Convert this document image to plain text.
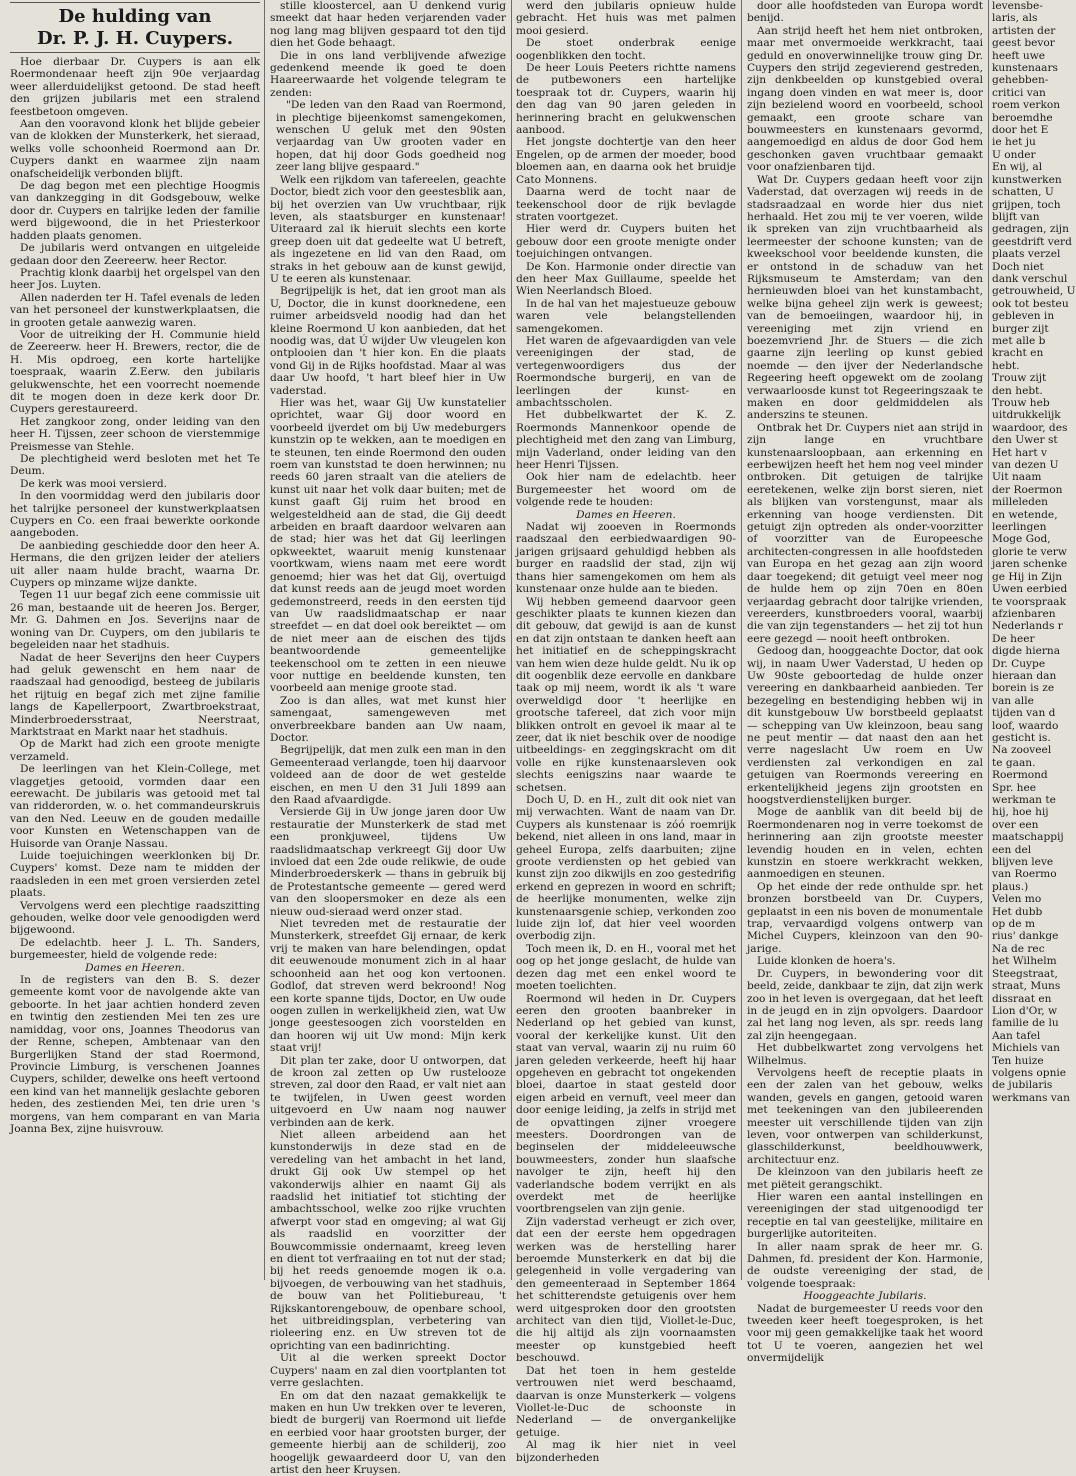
De hulding van

Dr. P. J. H. Cuypers.

Hoe dierbaar Dr. Cuypers is aan elk Roermondenaar heeft zijn 90e verjaardag weer allerduidelijkst getoond. De stad heeft den grijzen jubilaris met een stralend feestbetoon omgeven.

Aan den vooravond klonk het blijde gebeier van de klokken der Munsterkerk, het sieraad, welks volle schoonheid Roermond aan Dr. Cuypers dankt en waarmee zijn naam onafscheidelijk verbonden blijft.

De dag begon met een plechtige Hoogmis van dankzegging in dit Godsgebouw, welke door dr. Cuypers en talrijke leden der familie werd bijgewoond, die in het Priesterkoor hadden plaats genomen.

De jubilaris werd ontvangen en uitgeleide gedaan door den Zeereerw. heer Rector.

Prachtig klonk daarbij het orgelspel van den heer Jos. Luyten.

Allen naderden ter H. Tafel evenals de leden van het personeel der kunstwerkplaatsen, die in grooten getale aanwezig waren.

Voor de uitreiking der H. Communie hield de Zeereerw. heer H. Brewers, rector, die de H. Mis opdroeg, een korte hartelijke toespraak, waarin Z.Eerw. den jubilaris gelukwenschte, het een voorrecht noemende dit te mogen doen in deze kerk door Dr. Cuypers gerestaureerd.

Het zangkoor zong, onder leiding van den heer H. Tijssen, zeer schoon de vierstemmige Preismesse van Stehle.

De plechtigheid werd besloten met het Te Deum.

De kerk was mooi versierd.

In den voormiddag werd den jubilaris door het talrijke personeel der kunstwerkplaatsen Cuypers en Co. een fraai bewerkte oorkonde aangeboden.

De aanbieding geschiedde door den heer A. Hermans, die den grijzen leider der ateliers uit aller naam hulde bracht, waarna Dr. Cuypers op minzame wijze dankte.

Tegen 11 uur begaf zich eene commissie uit 26 man, bestaande uit de heeren Jos. Berger, Mr. G. Dahmen en Jos. Severijns naar de woning van Dr. Cuypers, om den jubilaris te begeleiden naar het stadhuis.

Nadat de heer Severijns den heer Cuypers had geluk gewenscht en hem naar de raadszaal had genoodigd, besteeg de jubilaris het rijtuig en begaf zich met zijne familie langs de Kapellerpoort, Zwartbroekstraat, Minderbroedersstraat, Neerstraat, Marktstraat en Markt naar het stadhuis.

Op de Markt had zich een groote menigte verzameld.

De leerlingen van het Klein-College, met vlaggetjes getooid, vormden daar een eerewacht. De jubilaris was getooid met tal van ridderorden, w. o. het commandeurskruis van den Ned. Leeuw en de gouden medaille voor Kunsten en Wetenschappen van de Huisorde van Oranje Nassau.

Luide toejuichingen weerklonken bij Dr. Cuypers' komst. Deze nam te midden der raadsleden in een met groen versierden zetel plaats.

Vervolgens werd een plechtige raadszitting gehouden, welke door vele genoodigden werd bijgewoond.

De edelachtb. heer J. L. Th. Sanders, burgemeester, hield de volgende rede:

Dames en Heeren.

In de registers van den B. S. dezer gemeente komt voor de navolgende akte van geboorte. In het jaar achtien honderd zeven en twintig den zestienden Mei ten zes ure namiddag, voor ons, Joannes Theodorus van der Renne, schepen, Ambtenaar van den Burgerlijken Stand der stad Roermond, Provincie Limburg, is verschenen Joannes Cuypers, schilder, dewelke ons heeft vertoond een kind van het mannelijk geslachte geboren heden, des zestienden Mei, ten drie uren 's morgens, van hem comparant en van Maria Joanna Bex, zijne huisvrouw.

stille kloostercel, aan U denkend vurig smeekt dat haar heden verjarenden vader nog lang mag blijven gespaard tot den tijd dien het Gode behaagt.

Die in ons land verblijvende afwezige gedenkend meende ik goed te doen Haareerwaarde het volgende telegram te zenden:

"De leden van den Raad van Roermond, in plechtige bijeenkomst samengekomen, wenschen U geluk met den 90sten verjaardag van Uw grooten vader en hopen, dat hij door Gods goedheid nog zeer lang blijve gespaard."

Welk een rijkdom van tafereelen, geachte Doctor, biedt zich voor den geestesblik aan, bij het overzien van Uw vruchtbaar, rijk leven, als staatsburger en kunstenaar! Uiteraard zal ik hieruit slechts een korte greep doen uit dat gedeelte wat U betreft, als ingezetene en lid van den Raad, om straks in het gebouw aan de kunst gewijd, U te eeren als kunstenaar.

Begrijpelijk is het, dat ien groot man als U, Doctor, die in kunst doorknedene, een ruimer arbeidsveld noodig had dan het kleine Roermond U kon aanbieden, dat het noodig was, dat Ú wijder Uw vleugelen kon ontplooien dan 't hier kon. En die plaats vond Gij in de Rijks hoofdstad. Maar al was daar Uw hoofd, 't hart bleef hier in Uw vaderstad.

Hier was het, waar Gij Uw kunstatelier oprichtet, waar Gij door woord en voorbeeld ijverdet om bij Uw medeburgers kunstzin op te wekken, aan te moedigen en te steunen, ten einde Roermond den ouden roem van kunststad te doen herwinnen; nu reeds 60 jaren straalt van die ateliers de kunst uit naar het volk daar buiten; met de kunst gaaft Gij ruim het brood en welgesteldheid aan de stad, die Gij deedt arbeiden en braaft daardoor welvaren aan de stad; hier was het dat Gij leerlingen opkweektet, waaruit menig kunstenaar voortkwam, wiens naam met eere wordt genoemd; hier was het dat Gij, overtuigd dat kunst reeds aan de jeugd moet worden gedemonstreerd, reeds in den eersten tijd van Uw raadslidmaatschap er naar streefdet — en dat doel ook bereiktet — om de niet meer aan de eischen des tijds beantwoordende gemeentelijke teekenschool om te zetten in een nieuwe voor nuttige en beeldende kunsten, ten voorbeeld aan menige groote stad.

Zoo is dan alles, wat met kunst hier samengaat, samengeweven met onverbreekbare banden aan Uw naam, Doctor.

Begrijpelijk, dat men zulk een man in den Gemeenteraad verlangde, toen hij daarvoor voldeed aan de door de wet gestelde eischen, en men U den 31 Juli 1899 aan den Raad afvaardigde.

Versierde Gij in Uw jonge jaren door Uw restauratie der Munsterkerk de stad met een pronkjuweel, tijdens Uw raadslidmaatschap verkreegt Gij door Uw invloed dat een 2de oude relikwie, de oude Minderbroederskerk — thans in gebruik bij de Protestantsche gemeente — gered werd van den sloopersmoker en deze als een nieuw oud-sieraad werd onzer stad.

Niet tevreden met de restauratie der Munsterkerk, streefdet Gij ernaar, de kerk vrij te maken van hare belendingen, opdat dit eeuwenoude monument zich in al haar schoonheid aan het oog kon vertoonen. Godlof, dat streven werd bekroond! Nog een korte spanne tijds, Doctor, en Uw oude oogen zullen in werkelijkheid zien, wat Uw jonge geestesoogen zich voorstelden en dan hooren wij uit Uw mond: Mijn kerk staat vrij!

Dit plan ter zake, door U ontworpen, dat de kroon zal zetten op Uw rustelooze streven, zal door den Raad, er valt niet aan te twijfelen, in Uwen geest worden uitgevoerd en Uw naam nog nauwer verbinden aan de kerk.

Niet alleen arbeidend aan het kunstonderwijs in deze stad en de veredeling van het ambacht in het land, drukt Gij ook Uw stempel op het vakonderwijs alhier en naamt Gij als raadslid het initiatief tot stichting der ambachtsschool, welke zoo rijke vruchten afwerpt voor stad en omgeving; al wat Gij als raadslid en voorzitter der Bouwcommissie ondernaamt, kreeg leven en dient tot verfraaiing en tot nut der stad; bij het reeds genoemde mogen ik o.a. bijvoegen, de verbouwing van het stadhuis, de bouw van het Politiebureau, 't Rijkskantorengebouw, de openbare school, het uitbreidingsplan, verbetering van rioleering enz. en Uw streven tot de oprichting van een badinrichting.

Uit al die werken spreekt Doctor Cuypers' naam en zal dien voortplanten tot verre geslachten.

En om dat den nazaat gemakkelijk te maken en hun Uw trekken over te leveren, biedt de burgerij van Roermond uit liefde en eerbied voor haar grootsten burger, der gemeente hierbij aan de schilderij, zoo hoogelijk gewaardeerd door U, van den artist den heer Kruysen.

werd den jubilaris opnieuw hulde gebracht. Het huis was met palmen mooi gesierd.

De stoet onderbrak eenige oogenblikken den tocht.

De heer Louis Peeters richtte namens de putbewoners een hartelijke toespraak tot dr. Cuypers, waarin hij den dag van 90 jaren geleden in herinnering bracht en gelukwenschen aanbood.

Het jongste dochtertje van den heer Engelen, op de armen der moeder, bood bloemen aan, en daarna ook het bruidje Cato Monnens.

Daarna werd de tocht naar de teekenschool door de rijk bevlagde straten voortgezet.

Hier werd dr. Cuypers buiten het gebouw door een groote menigte onder toejuichingen ontvangen.

De Kon. Harmonie onder directie van den heer Max Guillaume, speelde het Wien Neerlandsch Bloed.

In de hal van het majestueuze gebouw waren vele belangstellenden samengekomen.

Het waren de afgevaardigden van vele vereenigingen der stad, de vertegenwoordigers dus der Roermondsche burgerij, en van de leerlingen der kunst- en ambachtsscholen.

Het dubbelkwartet der K. Z. Roermonds Mannenkoor opende de plechtigheid met den zang van Limburg, mijn Vaderland, onder leiding van den heer Henri Tijssen.

Ook hier nam de edelachtb. heer Burgemeester het woord om de volgende rede te houden:

Dames en Heeren.

Nadat wij zooeven in Roermonds raadszaal den eerbiedwaardigen 90-jarigen grijsaard gehuldigd hebben als burger en raadslid der stad, zijn wij thans hier samengekomen om hem als kunstenaar onze hulde aan te bieden.

Wij hebben gemeend daarvoor geen geschikter plaats te kunnen kiezen dan dit gebouw, dat gewijd is aan de kunst en dat zijn ontstaan te danken heeft aan het initiatief en de scheppingskracht van hem wien deze hulde geldt. Nu ik op dit oogenblik deze eervolle en dankbare taak op mij neem, wordt ik als 't ware overweldigd door 't heerlijke en grootsche tafereel, dat zich voor mijn blikken ontrolt en gevoel ik maar al te zeer, dat ik niet beschik over de noodige uitbeeldings- en zeggingskracht om dit volle en rijke kunstenaarsleven ook slechts eenigszins naar waarde te schetsen.

Doch U, D. en H., zult dit ook niet van mij verwachten. Want de naam van Dr. Cuypers als kunstenaar is zóó roemrijk bekend, niet alleen in ons land, maar in geheel Europa, zelfs daarbuiten; zijne groote verdiensten op het gebied van kunst zijn zoo dikwijls en zoo gestedrifig erkend en geprezen in woord en schrift; de heerlijke monumenten, welke zijn kunstenaarsgenie schiep, verkonden zoo luide zijn lof, dat hier veel woorden overbodig zijn.

Toch meen ik, D. en H., vooral met het oog op het jonge geslacht, de hulde van dezen dag met een enkel woord te moeten toelichten.

Roermond wil heden in Dr. Cuypers eeren den grooten baanbreker in Nederland op het gebied van kunst, vooral der kerkelijke kunst. Uit den staat van verval, waarin zij nu ruim 60 jaren geleden verkeerde, heeft hij haar opgeheven en gebracht tot ongekenden bloei, daartoe in staat gesteld door eigen arbeid en vernuft, veel meer dan door eenige leiding, ja zelfs in strijd met de opvattingen zijner vroegere meesters. Doordrongen van de beginselen der middeleeuwsche bouwmeesters, zonder hun slaafsche navolger te zijn, heeft hij den vaderlandsche bodem verrijkt en als overdekt met de heerlijke voortbrengselen van zijn genie.

Zijn vaderstad verheugt er zich over, dat een der eerste hem opgedragen werken was de herstelling harer beroemde Munsterkerk en dat bij die gelegenheid in volle vergadering van den gemeenteraad in September 1864 het schitterendste getuigenis over hem werd uitgesproken door den grootsten architect van dien tijd, Viollet-le-Duc, die hij altijd als zijn voornaamsten meester op kunstgebied heeft beschouwd.

Dat het toen in hem gestelde vertrouwen niet werd beschaamd, daarvan is onze Munsterkerk — volgens Viollet-le-Duc de schoonste in Nederland — de onvergankelijke getuige.

Al mag ik hier niet in veel bijzonderheden

door alle hoofdsteden van Europa wordt benijd.

Aan strijd heeft het hem niet ontbroken, maar met onvermoeide werkkracht, taai geduld en onoverwinnelijke trouw ging Dr. Cuypers den strijd zegevierend gestreden, zijn denkbeelden op kunstgebied overal ingang doen vinden en wat meer is, door zijn bezielend woord en voorbeeld, school gemaakt, een groote schare van bouwmeesters en kunstenaars gevormd, aangemoedigd en aldus de door God hem geschonken gaven vruchtbaar gemaakt voor onafzienbaren tijd.

Wat Dr. Cuypers gedaan heeft voor zijn Vaderstad, dat overzagen wij reeds in de stadsraadzaal en worde hier dus niet herhaald. Het zou mij te ver voeren, wilde ik spreken van zijn vruchtbaarheid als leermeester der schoone kunsten; van de kweekschool voor beeldende kunsten, die er ontstond in de schaduw van het Rijksmuseum te Amsterdam; van den hernieuwden bloei van het kunstambacht, welke bijna geheel zijn werk is geweest; van de bemoeiingen, waardoor hij, in vereeniging met zijn vriend en boezemvriend Jhr. de Stuers — die zich gaarne zijn leerling op kunst gebied noemde — den ijver der Nederlandsche Regeering heeft opgewekt om de zoolang verwaarloosde kunst tot Regeeringszaak te maken en door geldmiddelen als anderszins te steunen.

Ontbrak het Dr. Cuypers niet aan strijd in zijn lange en vruchtbare kunstenaarsloopbaan, aan erkenning en eerbewijzen heeft het hem nog veel minder ontbroken. Dit getuigen de talrijke eeretekenen, welke zijn borst sieren, niet als blijken van vorstengunst, maar als erkenning van hooge verdiensten. Dit getuigt zijn optreden als onder-voorzitter of voorzitter van de Europeesche architecten-congressen in alle hoofdsteden van Europa en het gezag aan zijn woord daar toegekend; dit getuigt veel meer nog de hulde hem op zijn 70en en 80en verjaardag gebracht door talrijke vrienden, vereerders, kunstbroeders vooral, waarbij die van zijn tegenstanders — het zij tot hun eere gezegd — nooit heeft ontbroken.

Gedoog dan, hooggeachte Doctor, dat ook wij, in naam Uwer Vaderstad, U heden op Uw 90ste geboortedag de hulde onzer vereering en dankbaarheid aanbieden. Ter bezegeling en bestendiging hebben wij in dit kunstgebouw Uw borstbeeld geplaatst — schepping van Uw kleinzoon, beau sang ne peut mentir — dat naast den aan het verre nageslacht Uw roem en Uw verdiensten zal verkondigen en zal getuigen van Roermonds vereering en erkentelijkheid jegens zijn grootsten en hoogstverdienstelijken burger.

Moge de aanblik van dit beeld bij de Roermondenaren nog in verre toekomst de herinnering aan zijn grootste meester levendig houden en in velen, echten kunstzin en stoere werkkracht wekken, aanmoedigen en steunen.

Op het einde der rede onthulde spr. het bronzen borstbeeld van Dr. Cuypers, geplaatst in een nis boven de monumentale trap, vervaardigd volgens ontwerp van Michel Cuypers, kleinzoon van den 90-jarige.

Luide klonken de hoera's.

Dr. Cuypers, in bewondering voor dit beeld, zeide, dankbaar te zijn, dat zijn werk zoo in het leven is overgegaan, dat het leeft in de jeugd en in zijn opvolgers. Daardoor zal het lang nog leven, als spr. reeds lang zal zijn heengegaan.

Het dubbelkwartet zong vervolgens het Wilhelmus.

Vervolgens heeft de receptie plaats in een der zalen van het gebouw, welks wanden, gevels en gangen, getooid waren met teekeningen van den jubileerenden meester uit verschillende tijden van zijn leven, voor ontwerpen van schilderkunst, glasschilderkunst, beeldhouwwerk, architectuur enz.

De kleinzoon van den jubilaris heeft ze met piëteit gerangschikt.

Hier waren een aantal instellingen en vereenigingen der stad uitgenoodigd ter receptie en tal van geestelijke, militaire en burgerlijke autoriteiten.

In aller naam sprak de heer mr. G. Dahmen, fd. president der Kon. Harmonie, de oudste vereeniging der stad, de volgende toespraak:

Hooggeachte Jubilaris.

Nadat de burgemeester U reeds voor den tweeden keer heeft toegesproken, is het voor mij geen gemakkelijke taak het woord tot U te voeren, aangezien het wel onvermijdelijk

levensbe-

laris, als

artisten der

geest bevor

heeft uwe

kunstenaars

gehebben-

critici van

roem verkon

beroemdhe

door het E

ie het ju

U onder

En wij, al

kunstwerken

schatten, U

grijpen, toch

blijft van

gedragen, zijn

geestdrift verd

plaats verzel

Doch niet

dank verschul

getrouwheid, U

ook tot besteu

gebleven in

burger zijt

met alle b

kracht en

hebt.

Trouw zijt

den hebt.

Trouw heb

uitdrukkelijk

waardoor, des

den Uwer st

Het hart v

van dezen U

Uit naam

der Roermon

milleleden

en wetende,

leerlingen

Moge God,

glorie te verw

jaren schenke

ge Hij in Zijn

Uwen eerbied

te voorspraak

afzienbaren

Nederlands r

De heer

digde hierna

Dr. Cuype

hieraan dan

borein is ze

van alle

tijden van d

loof, waardo

gesticht is.

Na zooveel

te gaan.

Roermond

Spr. hee

werkman te

hij, hoe hij

over een

maatschappij

een del

blijven leve

van Roermo

plaus.)

Velen mo

Het dubb

op de m

rius' dankge

Na de rec

het Wilhelm

Steegstraat,

straat, Muns

dissraat en

Lion d'Or, w

familie de lu

Aan tafel

Michiels van

Ten huize

volgens opnie

de jubilaris

werkmans van
